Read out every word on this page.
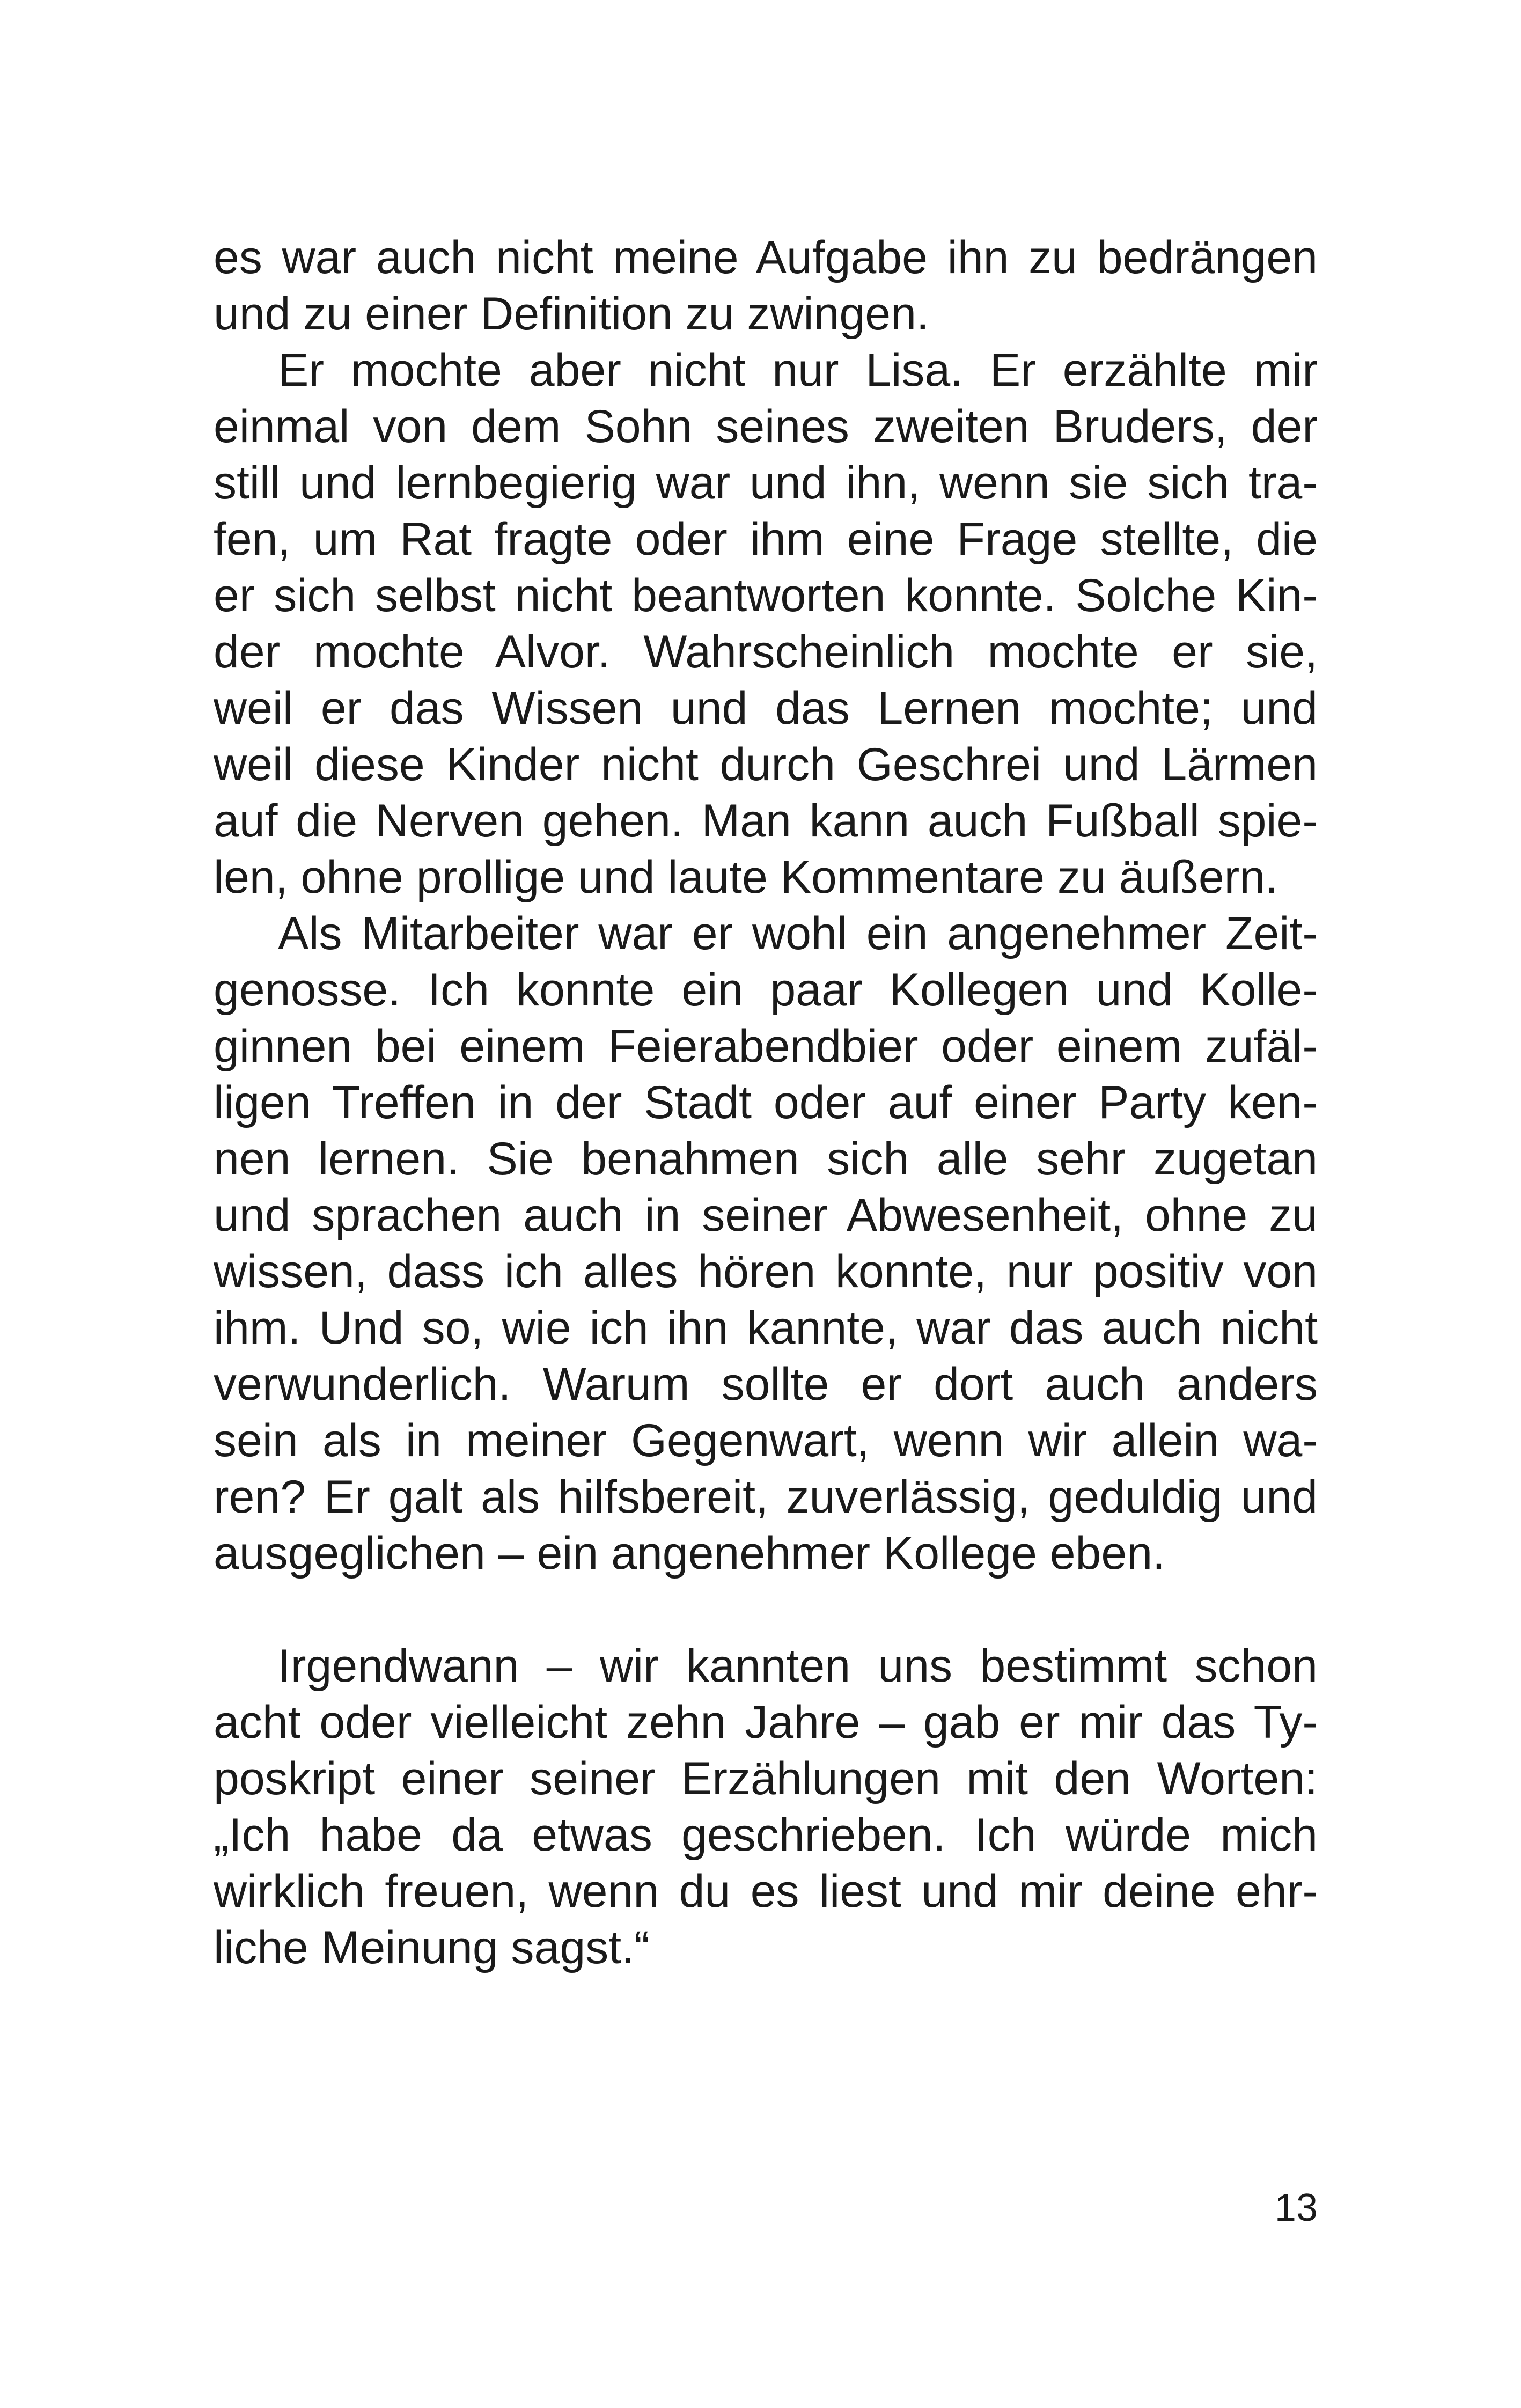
es war auch nicht meine Aufgabe ihn zu bedrängen
und zu einer Definition zu zwingen.
Er mochte aber nicht nur Lisa. Er erzählte mir
einmal von dem Sohn seines zweiten Bruders, der
still und lernbegierig war und ihn, wenn sie sich tra-
fen, um Rat fragte oder ihm eine Frage stellte, die
er sich selbst nicht beantworten konnte. Solche Kin-
der mochte Alvor. Wahrscheinlich mochte er sie,
weil er das Wissen und das Lernen mochte; und
weil diese Kinder nicht durch Geschrei und Lärmen
auf die Nerven gehen. Man kann auch Fußball spie-
len, ohne prollige und laute Kommentare zu äußern.
Als Mitarbeiter war er wohl ein angenehmer Zeit-
genosse. Ich konnte ein paar Kollegen und Kolle-
ginnen bei einem Feierabendbier oder einem zufäl-
ligen Treffen in der Stadt oder auf einer Party ken-
nen lernen. Sie benahmen sich alle sehr zugetan
und sprachen auch in seiner Abwesenheit, ohne zu
wissen, dass ich alles hören konnte, nur positiv von
ihm. Und so, wie ich ihn kannte, war das auch nicht
verwunderlich. Warum sollte er dort auch anders
sein als in meiner Gegenwart, wenn wir allein wa-
ren? Er galt als hilfsbereit, zuverlässig, geduldig und
ausgeglichen – ein angenehmer Kollege eben.
Irgendwann – wir kannten uns bestimmt schon
acht oder vielleicht zehn Jahre – gab er mir das Ty-
poskript einer seiner Erzählungen mit den Worten:
„Ich habe da etwas geschrieben. Ich würde mich
wirklich freuen, wenn du es liest und mir deine ehr-
liche Meinung sagst.“
13
